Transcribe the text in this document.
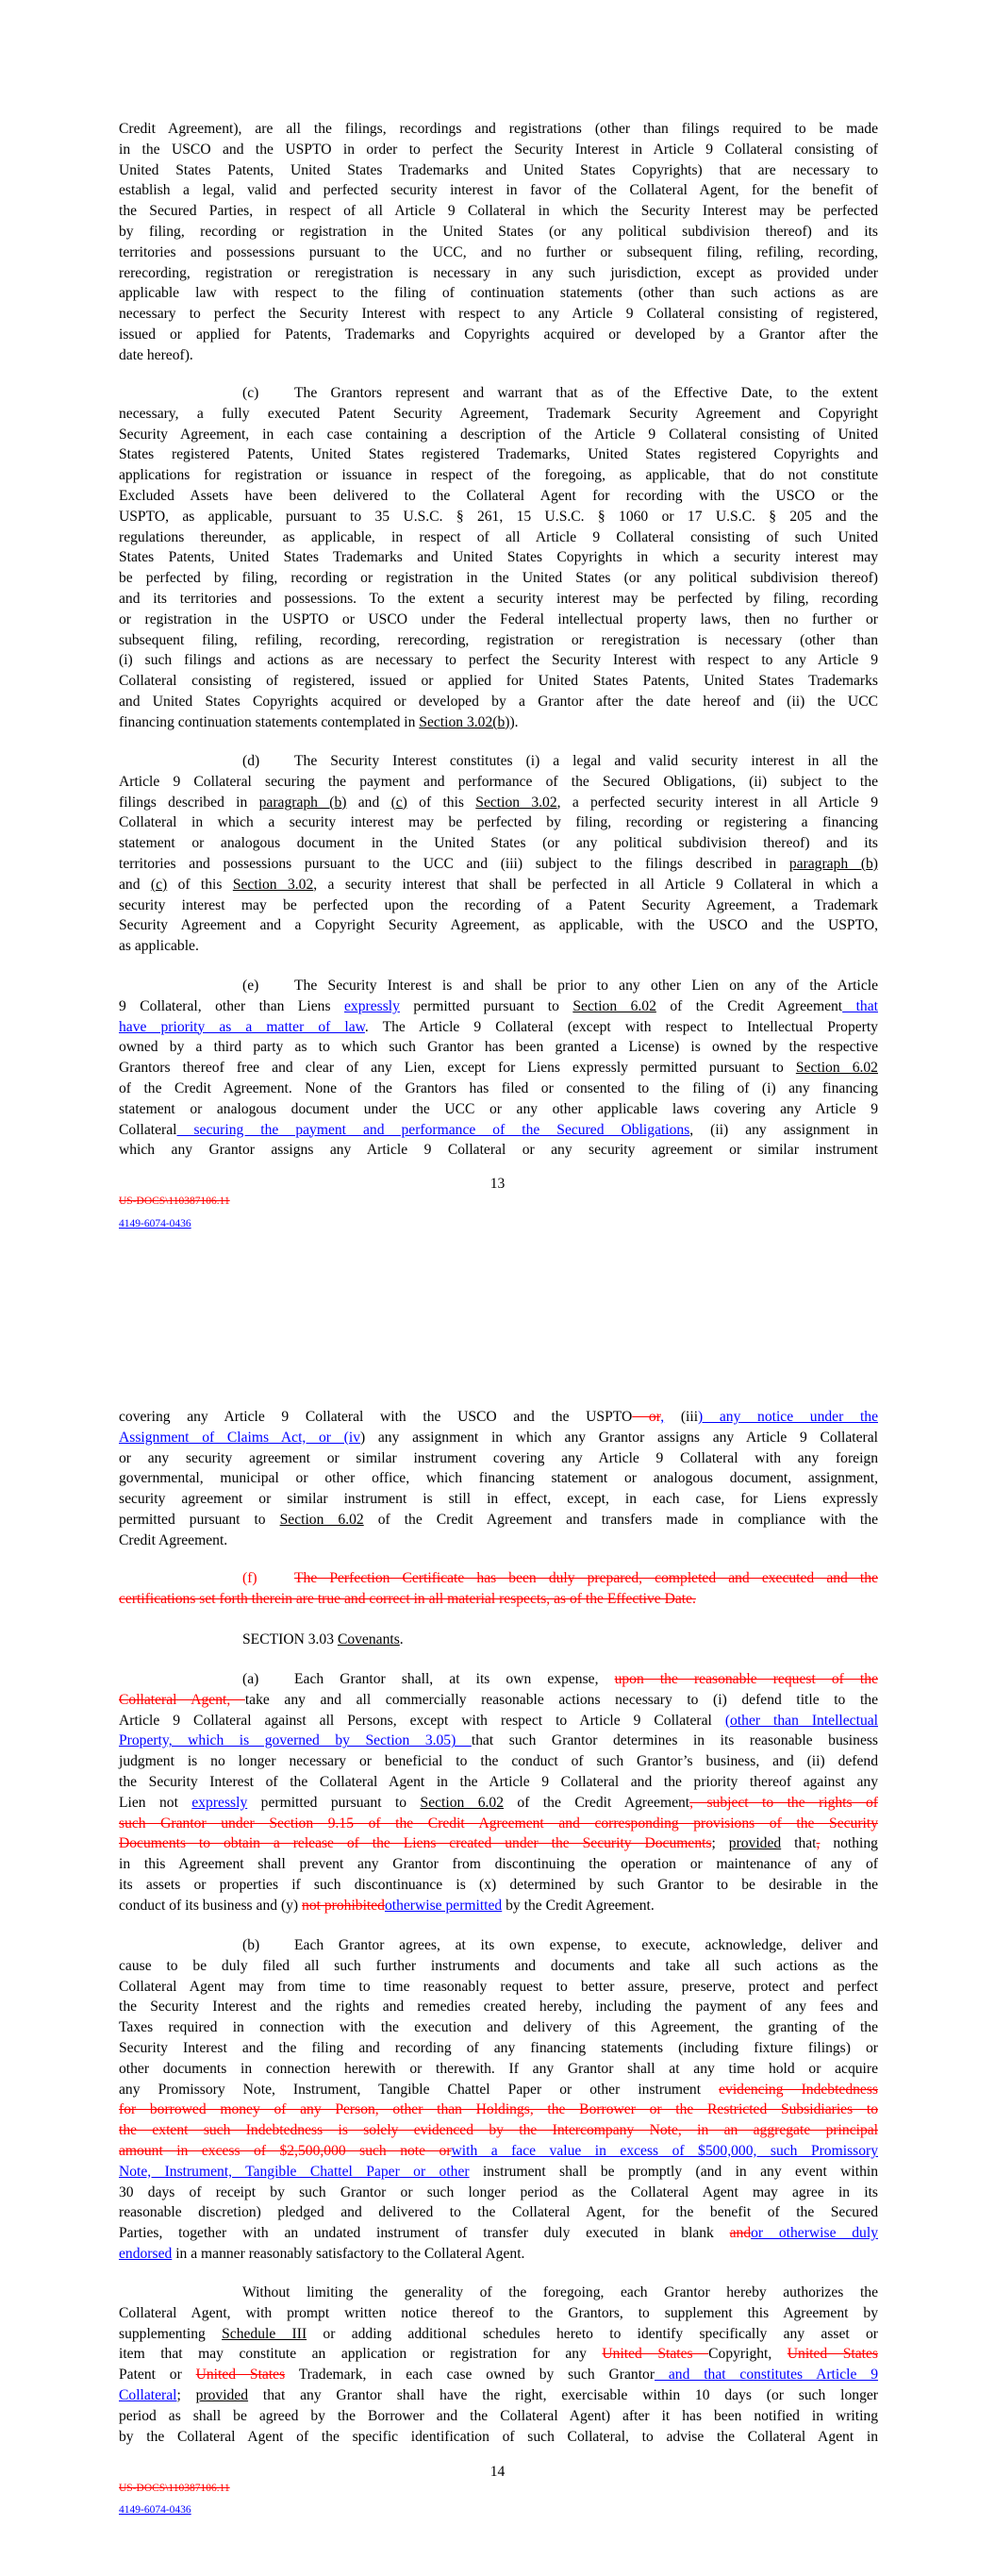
Credit Agreement), are all the filings, recordings and registrations (other than filings required to be made
in the USCO and the USPTO in order to perfect the Security Interest in Article 9 Collateral consisting of
United States Patents, United States Trademarks and United States Copyrights) that are necessary to
establish a legal, valid and perfected security interest in favor of the Collateral Agent, for the benefit of
the Secured Parties, in respect of all Article 9 Collateral in which the Security Interest may be perfected
by filing, recording or registration in the United States (or any political subdivision thereof) and its
territories and possessions pursuant to the UCC, and no further or subsequent filing, refiling, recording,
rerecording, registration or reregistration is necessary in any such jurisdiction, except as provided under
applicable law with respect to the filing of continuation statements (other than such actions as are
necessary to perfect the Security Interest with respect to any Article 9 Collateral consisting of registered,
issued or applied for Patents, Trademarks and Copyrights acquired or developed by a Grantor after the
date hereof).
(c) The Grantors represent and warrant that as of the Effective Date, to the extent
necessary, a fully executed Patent Security Agreement, Trademark Security Agreement and Copyright
Security Agreement, in each case containing a description of the Article 9 Collateral consisting of United
States registered Patents, United States registered Trademarks, United States registered Copyrights and
applications for registration or issuance in respect of the foregoing, as applicable, that do not constitute
Excluded Assets have been delivered to the Collateral Agent for recording with the USCO or the
USPTO, as applicable, pursuant to 35 U.S.C. § 261, 15 U.S.C. § 1060 or 17 U.S.C. § 205 and the
regulations thereunder, as applicable, in respect of all Article 9 Collateral consisting of such United
States Patents, United States Trademarks and United States Copyrights in which a security interest may
be perfected by filing, recording or registration in the United States (or any political subdivision thereof)
and its territories and possessions. To the extent a security interest may be perfected by filing, recording
or registration in the USPTO or USCO under the Federal intellectual property laws, then no further or
subsequent filing, refiling, recording, rerecording, registration or reregistration is necessary (other than
(i) such filings and actions as are necessary to perfect the Security Interest with respect to any Article 9
Collateral consisting of registered, issued or applied for United States Patents, United States Trademarks
and United States Copyrights acquired or developed by a Grantor after the date hereof and (ii) the UCC
financing continuation statements contemplated in Section 3.02(b)).
(d) The Security Interest constitutes (i) a legal and valid security interest in all the
Article 9 Collateral securing the payment and performance of the Secured Obligations, (ii) subject to the
filings described in paragraph (b) and (c) of this Section 3.02, a perfected security interest in all Article 9
Collateral in which a security interest may be perfected by filing, recording or registering a financing
statement or analogous document in the United States (or any political subdivision thereof) and its
territories and possessions pursuant to the UCC and (iii) subject to the filings described in paragraph (b)
and (c) of this Section 3.02, a security interest that shall be perfected in all Article 9 Collateral in which a
security interest may be perfected upon the recording of a Patent Security Agreement, a Trademark
Security Agreement and a Copyright Security Agreement, as applicable, with the USCO and the USPTO,
as applicable.
(e) The Security Interest is and shall be prior to any other Lien on any of the Article
9 Collateral, other than Liens expressly permitted pursuant to Section 6.02 of the Credit Agreement that
have priority as a matter of law. The Article 9 Collateral (except with respect to Intellectual Property
owned by a third party as to which such Grantor has been granted a License) is owned by the respective
Grantors thereof free and clear of any Lien, except for Liens expressly permitted pursuant to Section 6.02
of the Credit Agreement. None of the Grantors has filed or consented to the filing of (i) any financing
statement or analogous document under the UCC or any other applicable laws covering any Article 9
Collateral securing the payment and performance of the Secured Obligations, (ii) any assignment in
which any Grantor assigns any Article 9 Collateral or any security agreement or similar instrument
13
US-DOCS\110387106.11
4149-6074-0436
covering any Article 9 Collateral with the USCO and the USPTO or, (iii) any notice under the
Assignment of Claims Act, or (iv) any assignment in which any Grantor assigns any Article 9 Collateral
or any security agreement or similar instrument covering any Article 9 Collateral with any foreign
governmental, municipal or other office, which financing statement or analogous document, assignment,
security agreement or similar instrument is still in effect, except, in each case, for Liens expressly
permitted pursuant to Section 6.02 of the Credit Agreement and transfers made in compliance with the
Credit Agreement.
(f)	The Perfection Certificate has been duly prepared, completed and executed and the
certifications set forth therein are true and correct in all material respects, as of the Effective Date.
SECTION 3.03 Covenants.
(a) Each Grantor shall, at its own expense, upon the reasonable request of the
Collateral Agent, take any and all commercially reasonable actions necessary to (i) defend title to the
Article 9 Collateral against all Persons, except with respect to Article 9 Collateral (other than Intellectual
Property, which is governed by Section 3.05) that such Grantor determines in its reasonable business
judgment is no longer necessary or beneficial to the conduct of such Grantor’s business, and (ii) defend
the Security Interest of the Collateral Agent in the Article 9 Collateral and the priority thereof against any
Lien not expressly permitted pursuant to Section 6.02 of the Credit Agreement, subject to the rights of
such Grantor under Section 9.15 of the Credit Agreement and corresponding provisions of the Security
Documents to obtain a release of the Liens created under the Security Documents; provided that, nothing
in this Agreement shall prevent any Grantor from discontinuing the operation or maintenance of any of
its assets or properties if such discontinuance is (x) determined by such Grantor to be desirable in the
conduct of its business and (y) not prohibitedotherwise permitted by the Credit Agreement.
(b) Each Grantor agrees, at its own expense, to execute, acknowledge, deliver and
cause to be duly filed all such further instruments and documents and take all such actions as the
Collateral Agent may from time to time reasonably request to better assure, preserve, protect and perfect
the Security Interest and the rights and remedies created hereby, including the payment of any fees and
Taxes required in connection with the execution and delivery of this Agreement, the granting of the
Security Interest and the filing and recording of any financing statements (including fixture filings) or
other documents in connection herewith or therewith. If any Grantor shall at any time hold or acquire
any Promissory Note, Instrument, Tangible Chattel Paper or other instrument evidencing Indebtedness
for borrowed money of any Person, other than Holdings, the Borrower or the Restricted Subsidiaries to
the extent such Indebtedness is solely evidenced by the Intercompany Note, in an aggregate principal
amount in excess of $2,500,000 such note orwith a face value in excess of $500,000, such Promissory
Note, Instrument, Tangible Chattel Paper or other instrument shall be promptly (and in any event within
30 days of receipt by such Grantor or such longer period as the Collateral Agent may agree in its
reasonable discretion) pledged and delivered to the Collateral Agent, for the benefit of the Secured
Parties, together with an undated instrument of transfer duly executed in blank andor otherwise duly
endorsed in a manner reasonably satisfactory to the Collateral Agent.
Without limiting the generality of the foregoing, each Grantor hereby authorizes the
Collateral Agent, with prompt written notice thereof to the Grantors, to supplement this Agreement by
supplementing Schedule III or adding additional schedules hereto to identify specifically any asset or
item that may constitute an application or registration for any United States Copyright, United States
Patent or United States Trademark, in each case owned by such Grantor and that constitutes Article 9
Collateral; provided that any Grantor shall have the right, exercisable within 10 days (or such longer
period as shall be agreed by the Borrower and the Collateral Agent) after it has been notified in writing
by the Collateral Agent of the specific identification of such Collateral, to advise the Collateral Agent in
14
US-DOCS\110387106.11
4149-6074-0436
